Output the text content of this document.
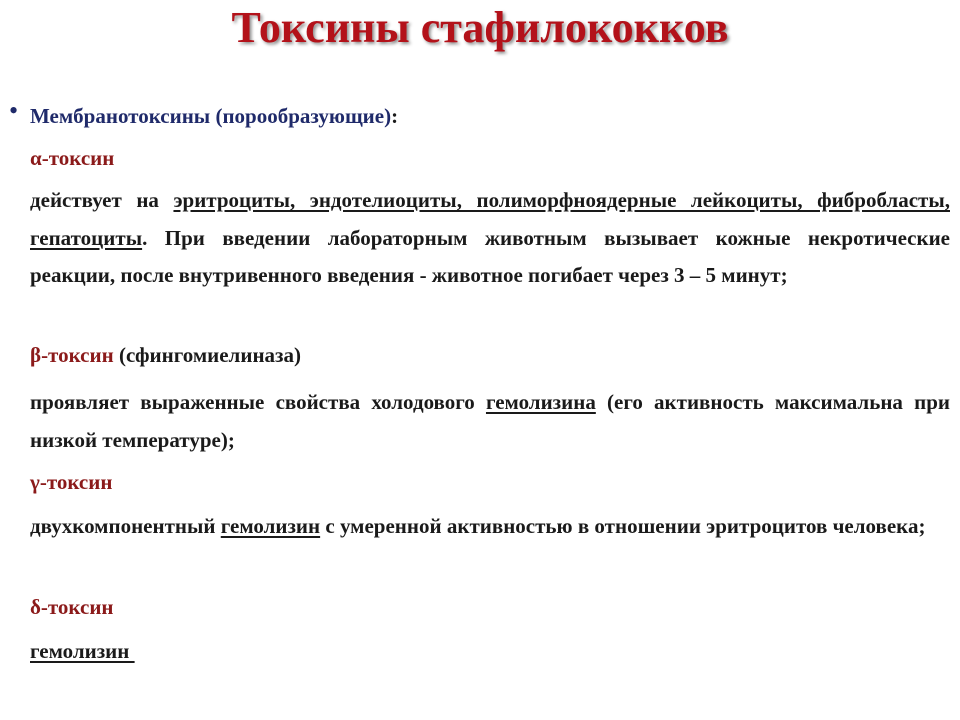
Токсины стафилококков
• Мембранотоксины (порообразующие):
α-токсин
действует на эритроциты, эндотелиоциты, полиморфноядерные лейкоциты, фибробласты, гепатоциты. При введении лабораторным животным вызывает кожные некротические реакции, после внутривенного введения - животное погибает через 3 – 5 минут;
β-токсин (сфингомиелиназа)
проявляет выраженные свойства холодового гемолизина (его активность максимальна при низкой температуре);
γ-токсин
двухкомпонентный гемолизин с умеренной активностью в отношении эритроцитов человека;
δ-токсин
гемолизин
